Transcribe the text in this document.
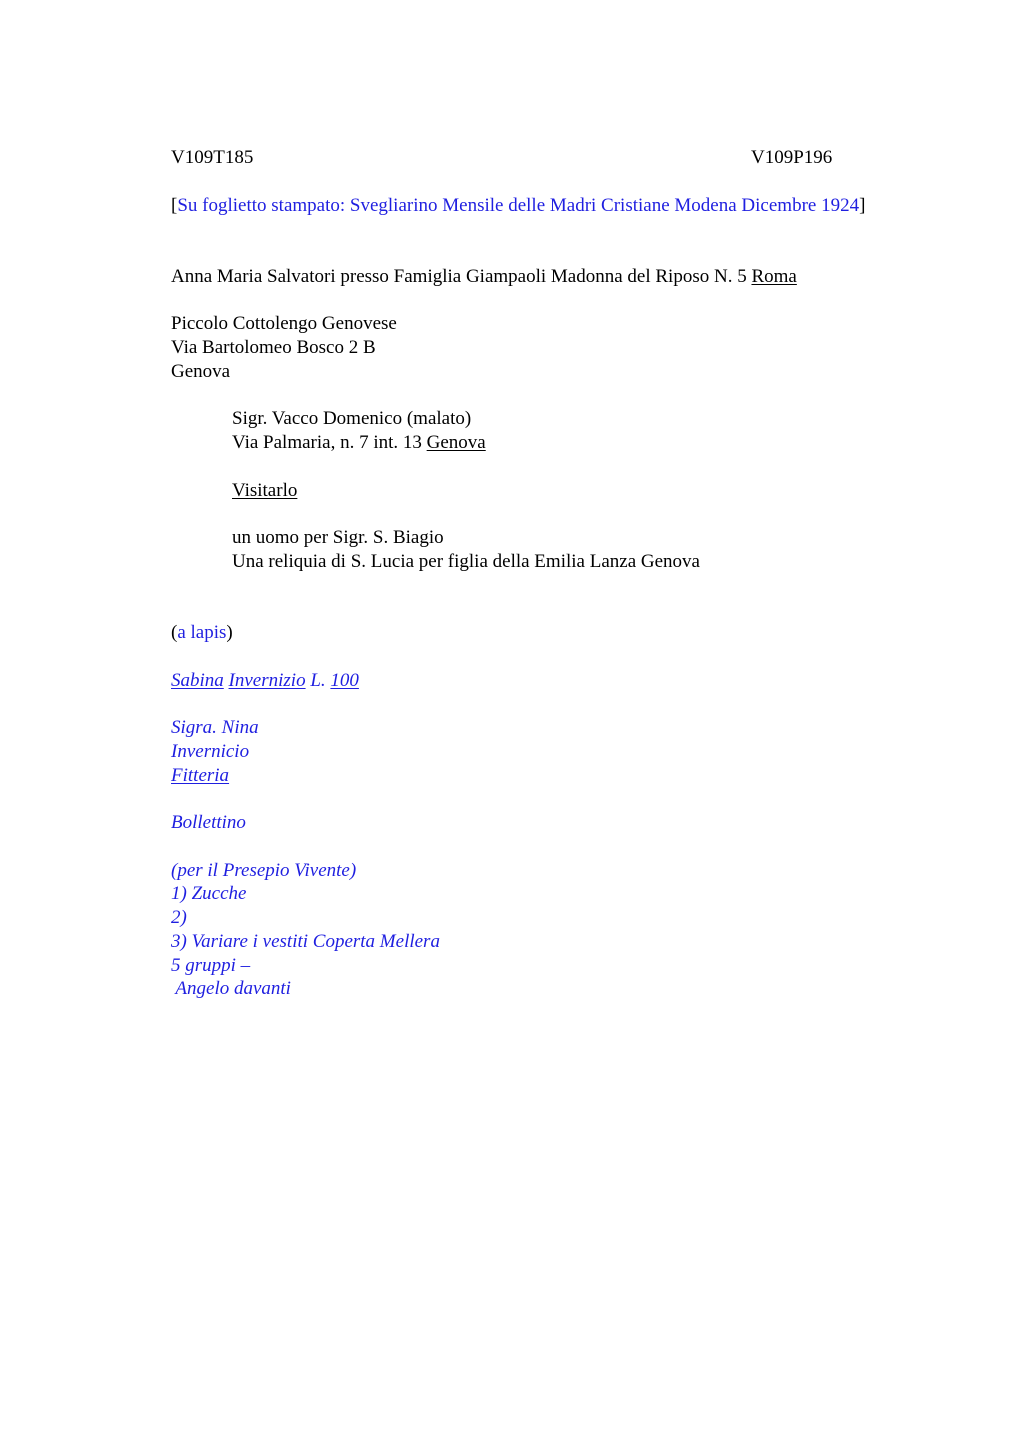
V109T185	V109P196
[Su foglietto stampato: Svegliarino Mensile delle Madri Cristiane Modena Dicembre 1924]
Anna Maria Salvatori presso Famiglia Giampaoli Madonna del Riposo N. 5 Roma
Piccolo Cottolengo Genovese
Via Bartolomeo Bosco 2 B
Genova
Sigr. Vacco Domenico (malato)
Via Palmaria, n. 7 int. 13 Genova
Visitarlo
un uomo per Sigr. S. Biagio
Una reliquia di S. Lucia per figlia della Emilia Lanza Genova
(a lapis)
Sabina Invernizio L. 100
Sigra. Nina
Invernicio
Fitteria
Bollettino
(per il Presepio Vivente)
1) Zucche
2)
3) Variare i vestiti Coperta Mellera
5 gruppi –
Angelo davanti
